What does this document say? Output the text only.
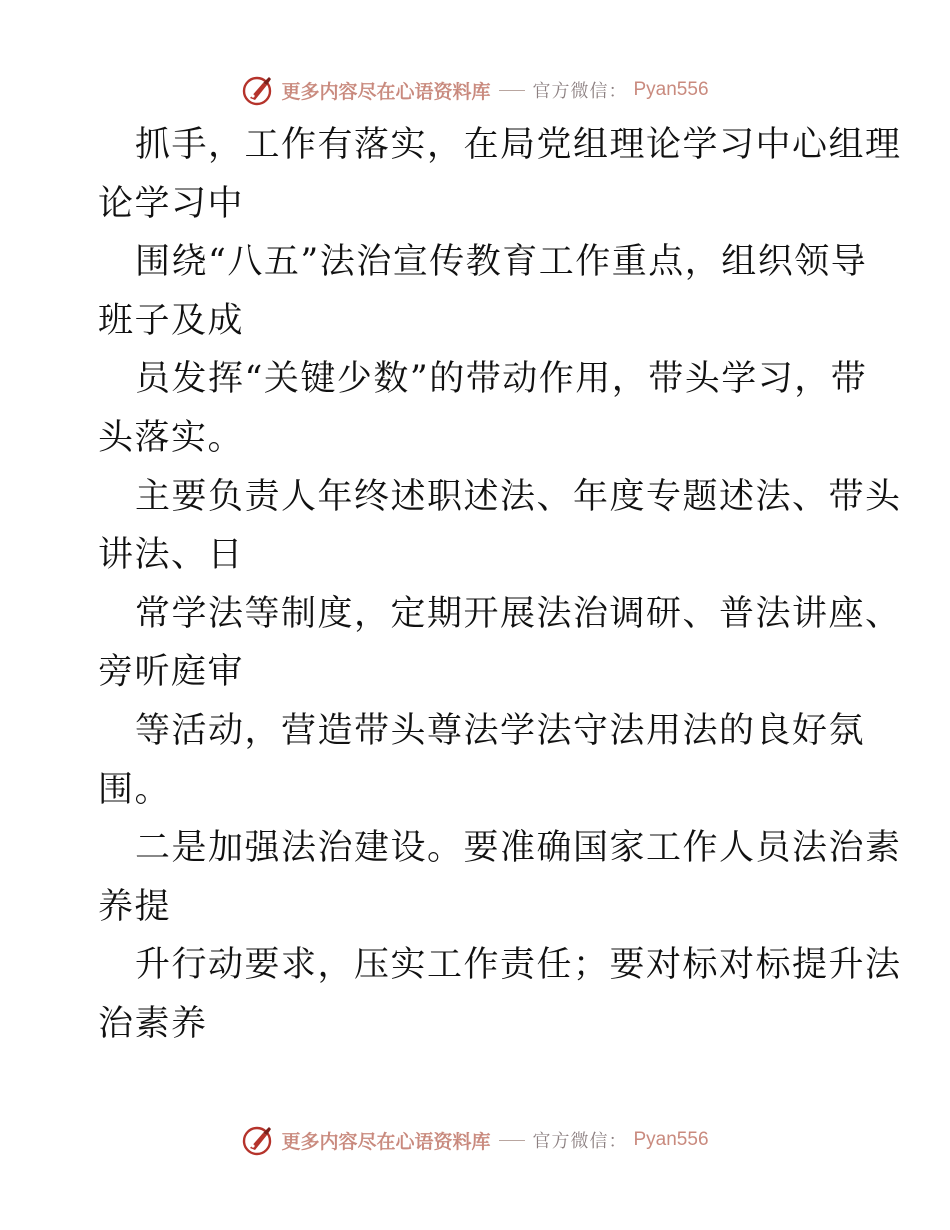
更多内容尽在心语资料库 官方微信： Pyan556
抓手，工作有落实，在局党组理论学习中心组理
论学习中
围绕“八五”法治宣传教育工作重点，组织领导
班子及成
员发挥“关键少数”的带动作用，带头学习，带
头落实。
主要负责人年终述职述法、年度专题述法、带头
讲法、日
常学法等制度，定期开展法治调研、普法讲座、
旁听庭审
等活动，营造带头尊法学法守法用法的良好氛
围。
二是加强法治建设。要准确国家工作人员法治素
养提
升行动要求，压实工作责任；要对标对标提升法
治素养
更多内容尽在心语资料库 官方微信： Pyan556
